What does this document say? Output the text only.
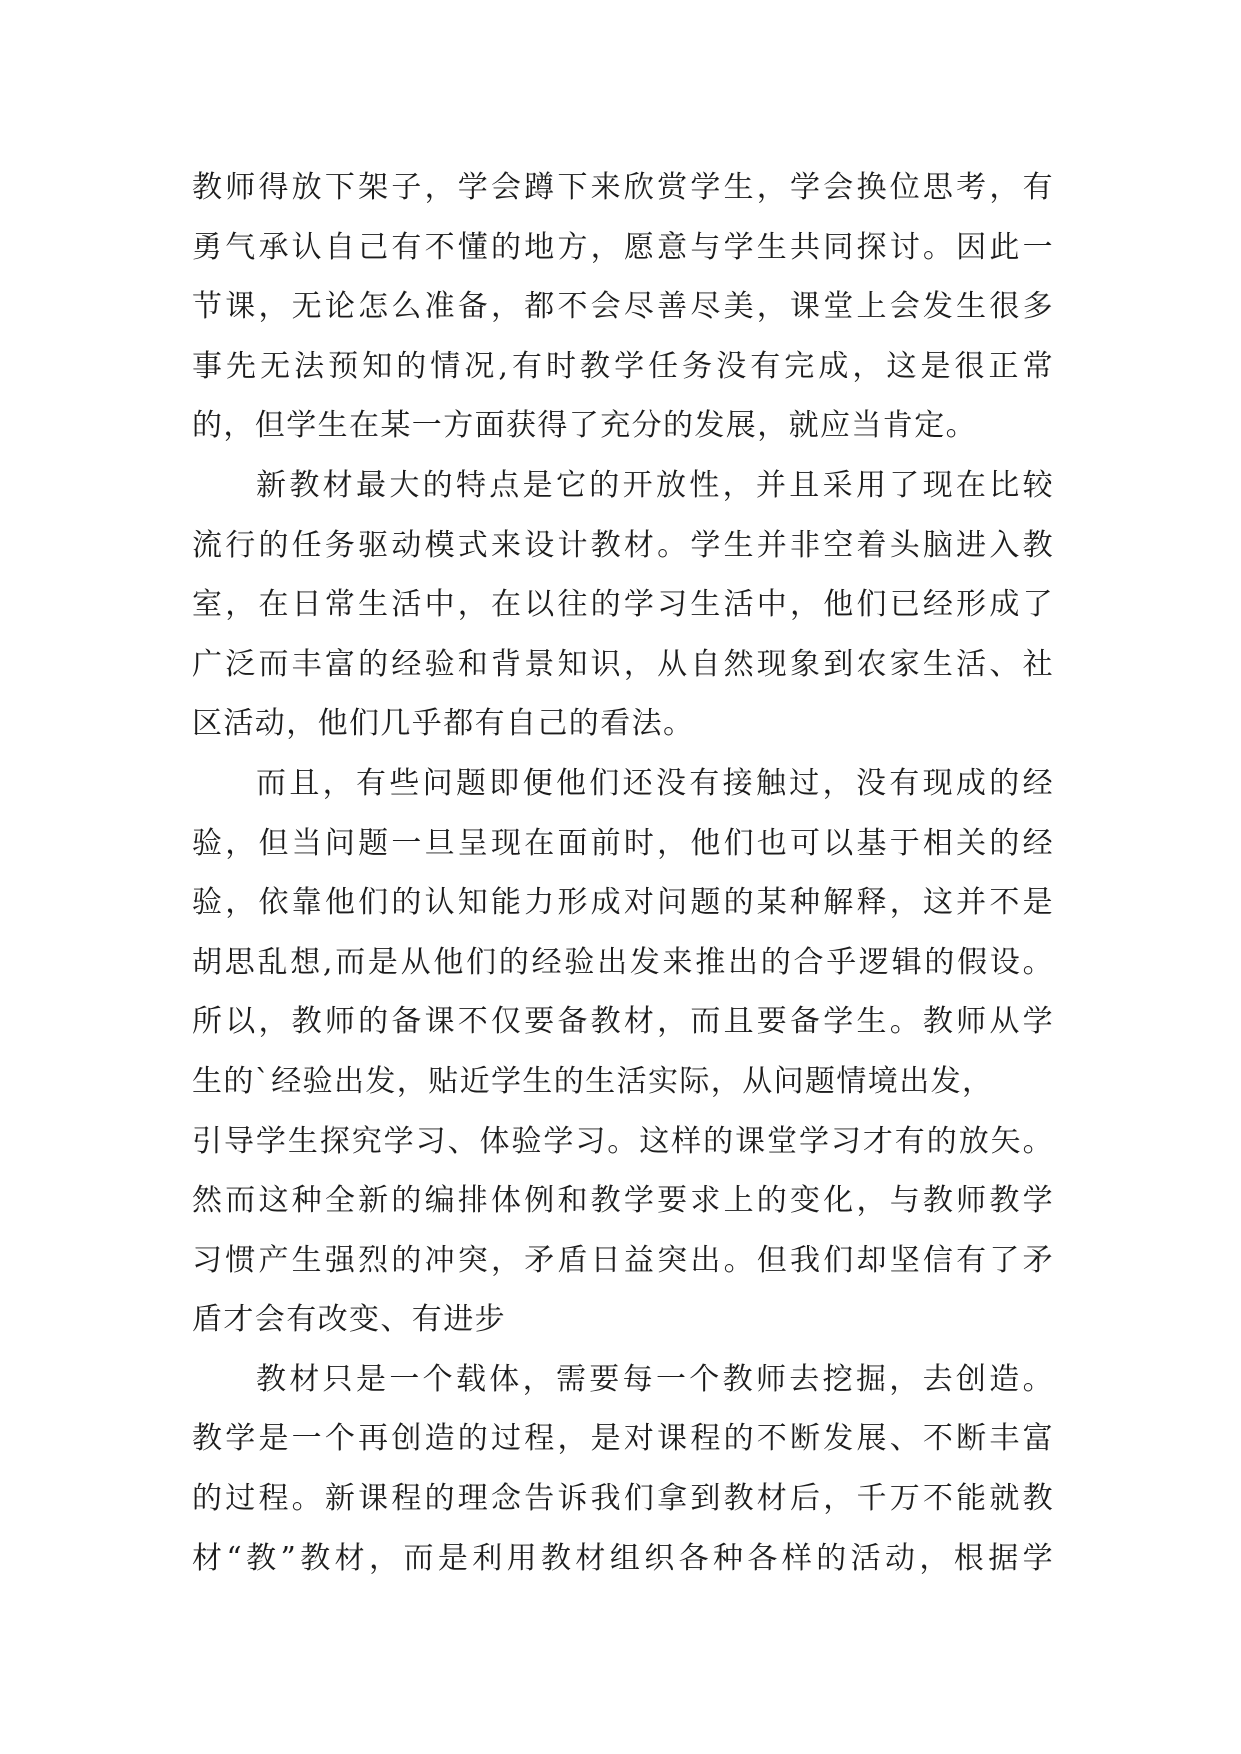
教师得放下架子，学会蹲下来欣赏学生，学会换位思考，有
勇气承认自己有不懂的地方，愿意与学生共同探讨。因此一
节课，无论怎么准备，都不会尽善尽美，课堂上会发生很多
事先无法预知的情况,有时教学任务没有完成，这是很正常
的，但学生在某一方面获得了充分的发展，就应当肯定。
新教材最大的特点是它的开放性，并且采用了现在比较
流行的任务驱动模式来设计教材。学生并非空着头脑进入教
室，在日常生活中，在以往的学习生活中，他们已经形成了
广泛而丰富的经验和背景知识，从自然现象到农家生活、社
区活动，他们几乎都有自己的看法。
而且，有些问题即便他们还没有接触过，没有现成的经
验，但当问题一旦呈现在面前时，他们也可以基于相关的经
验，依靠他们的认知能力形成对问题的某种解释，这并不是
胡思乱想,而是从他们的经验出发来推出的合乎逻辑的假设。
所以，教师的备课不仅要备教材，而且要备学生。教师从学
生的`经验出发，贴近学生的生活实际，从问题情境出发，
引导学生探究学习、体验学习。这样的课堂学习才有的放矢。
然而这种全新的编排体例和教学要求上的变化，与教师教学
习惯产生强烈的冲突，矛盾日益突出。但我们却坚信有了矛
盾才会有改变、有进步
教材只是一个载体，需要每一个教师去挖掘，去创造。
教学是一个再创造的过程，是对课程的不断发展、不断丰富
的过程。新课程的理念告诉我们拿到教材后，千万不能就教
材“教”教材，而是利用教材组织各种各样的活动，根据学
